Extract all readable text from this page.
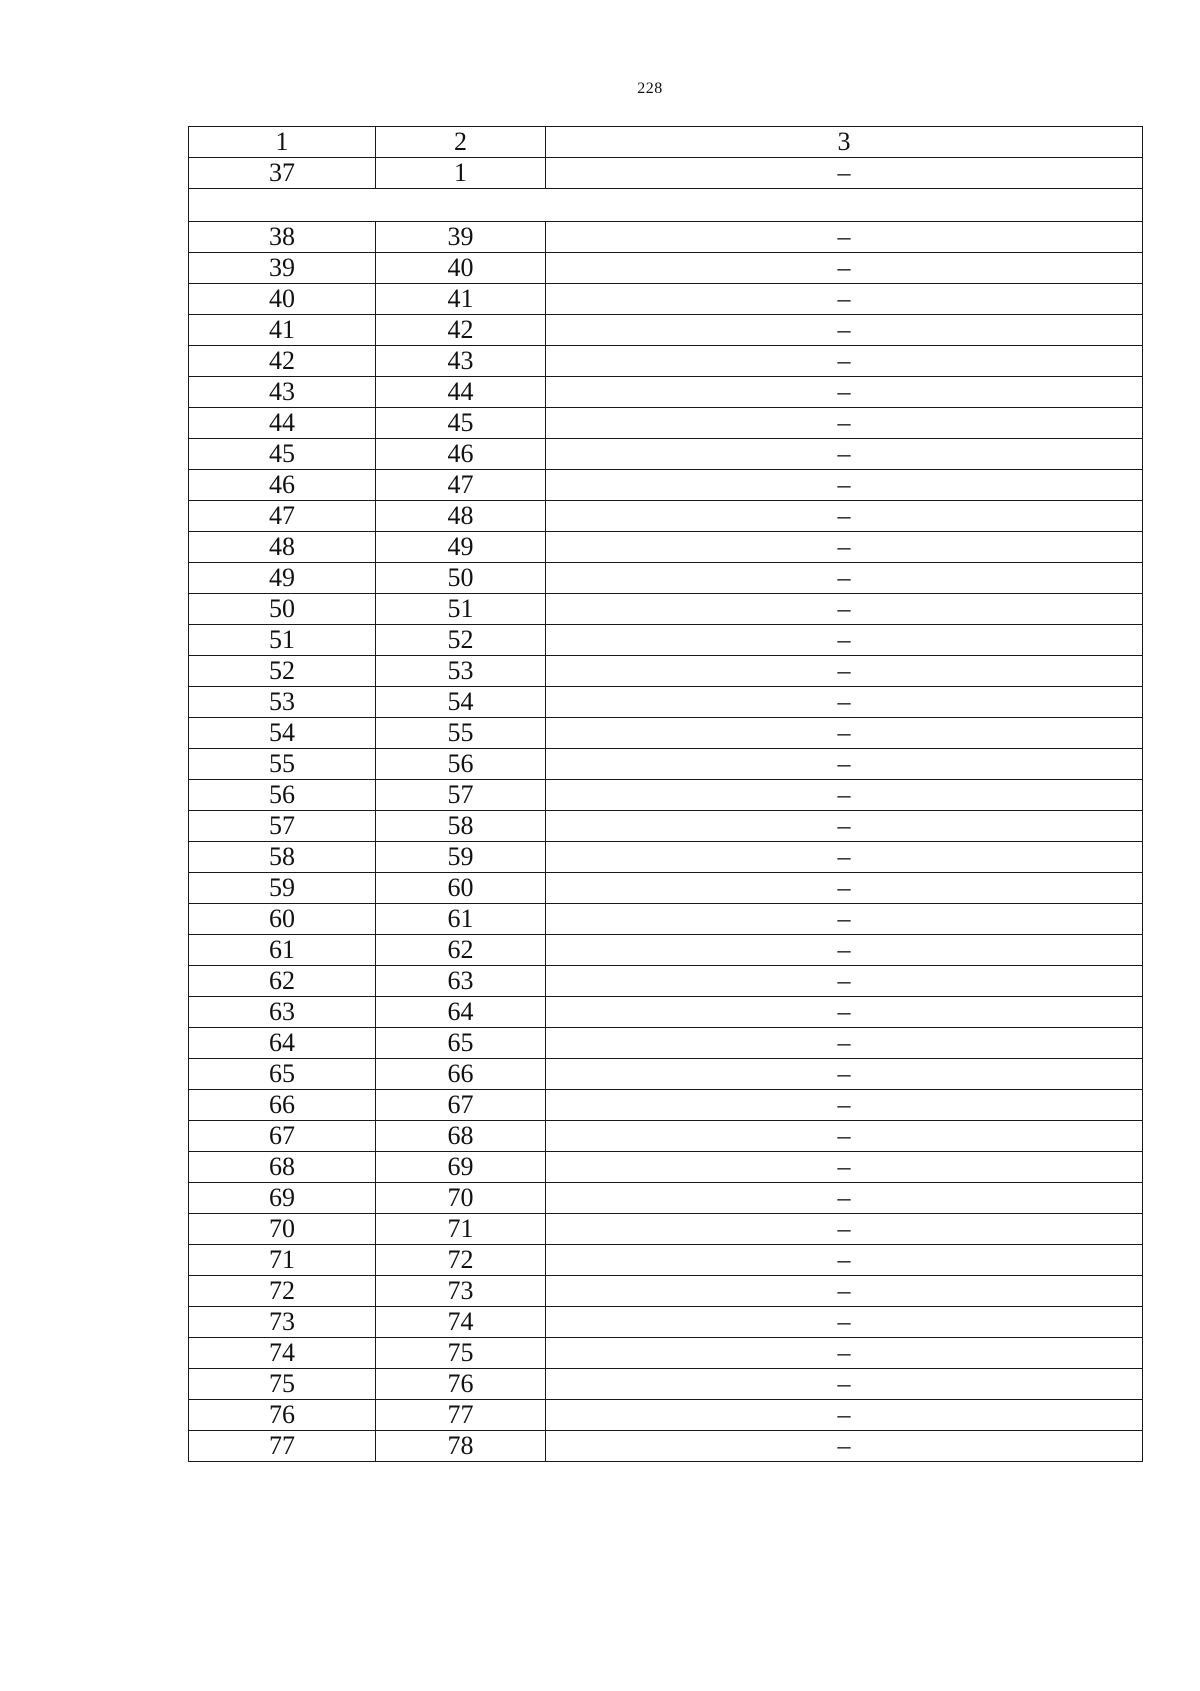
228
1	2	3
37	1	–

38	39	–
39	40	–
40	41	–
41	42	–
42	43	–
43	44	–
44	45	–
45	46	–
46	47	–
47	48	–
48	49	–
49	50	–
50	51	–
51	52	–
52	53	–
53	54	–
54	55	–
55	56	–
56	57	–
57	58	–
58	59	–
59	60	–
60	61	–
61	62	–
62	63	–
63	64	–
64	65	–
65	66	–
66	67	–
67	68	–
68	69	–
69	70	–
70	71	–
71	72	–
72	73	–
73	74	–
74	75	–
75	76	–
76	77	–
77	78	–
